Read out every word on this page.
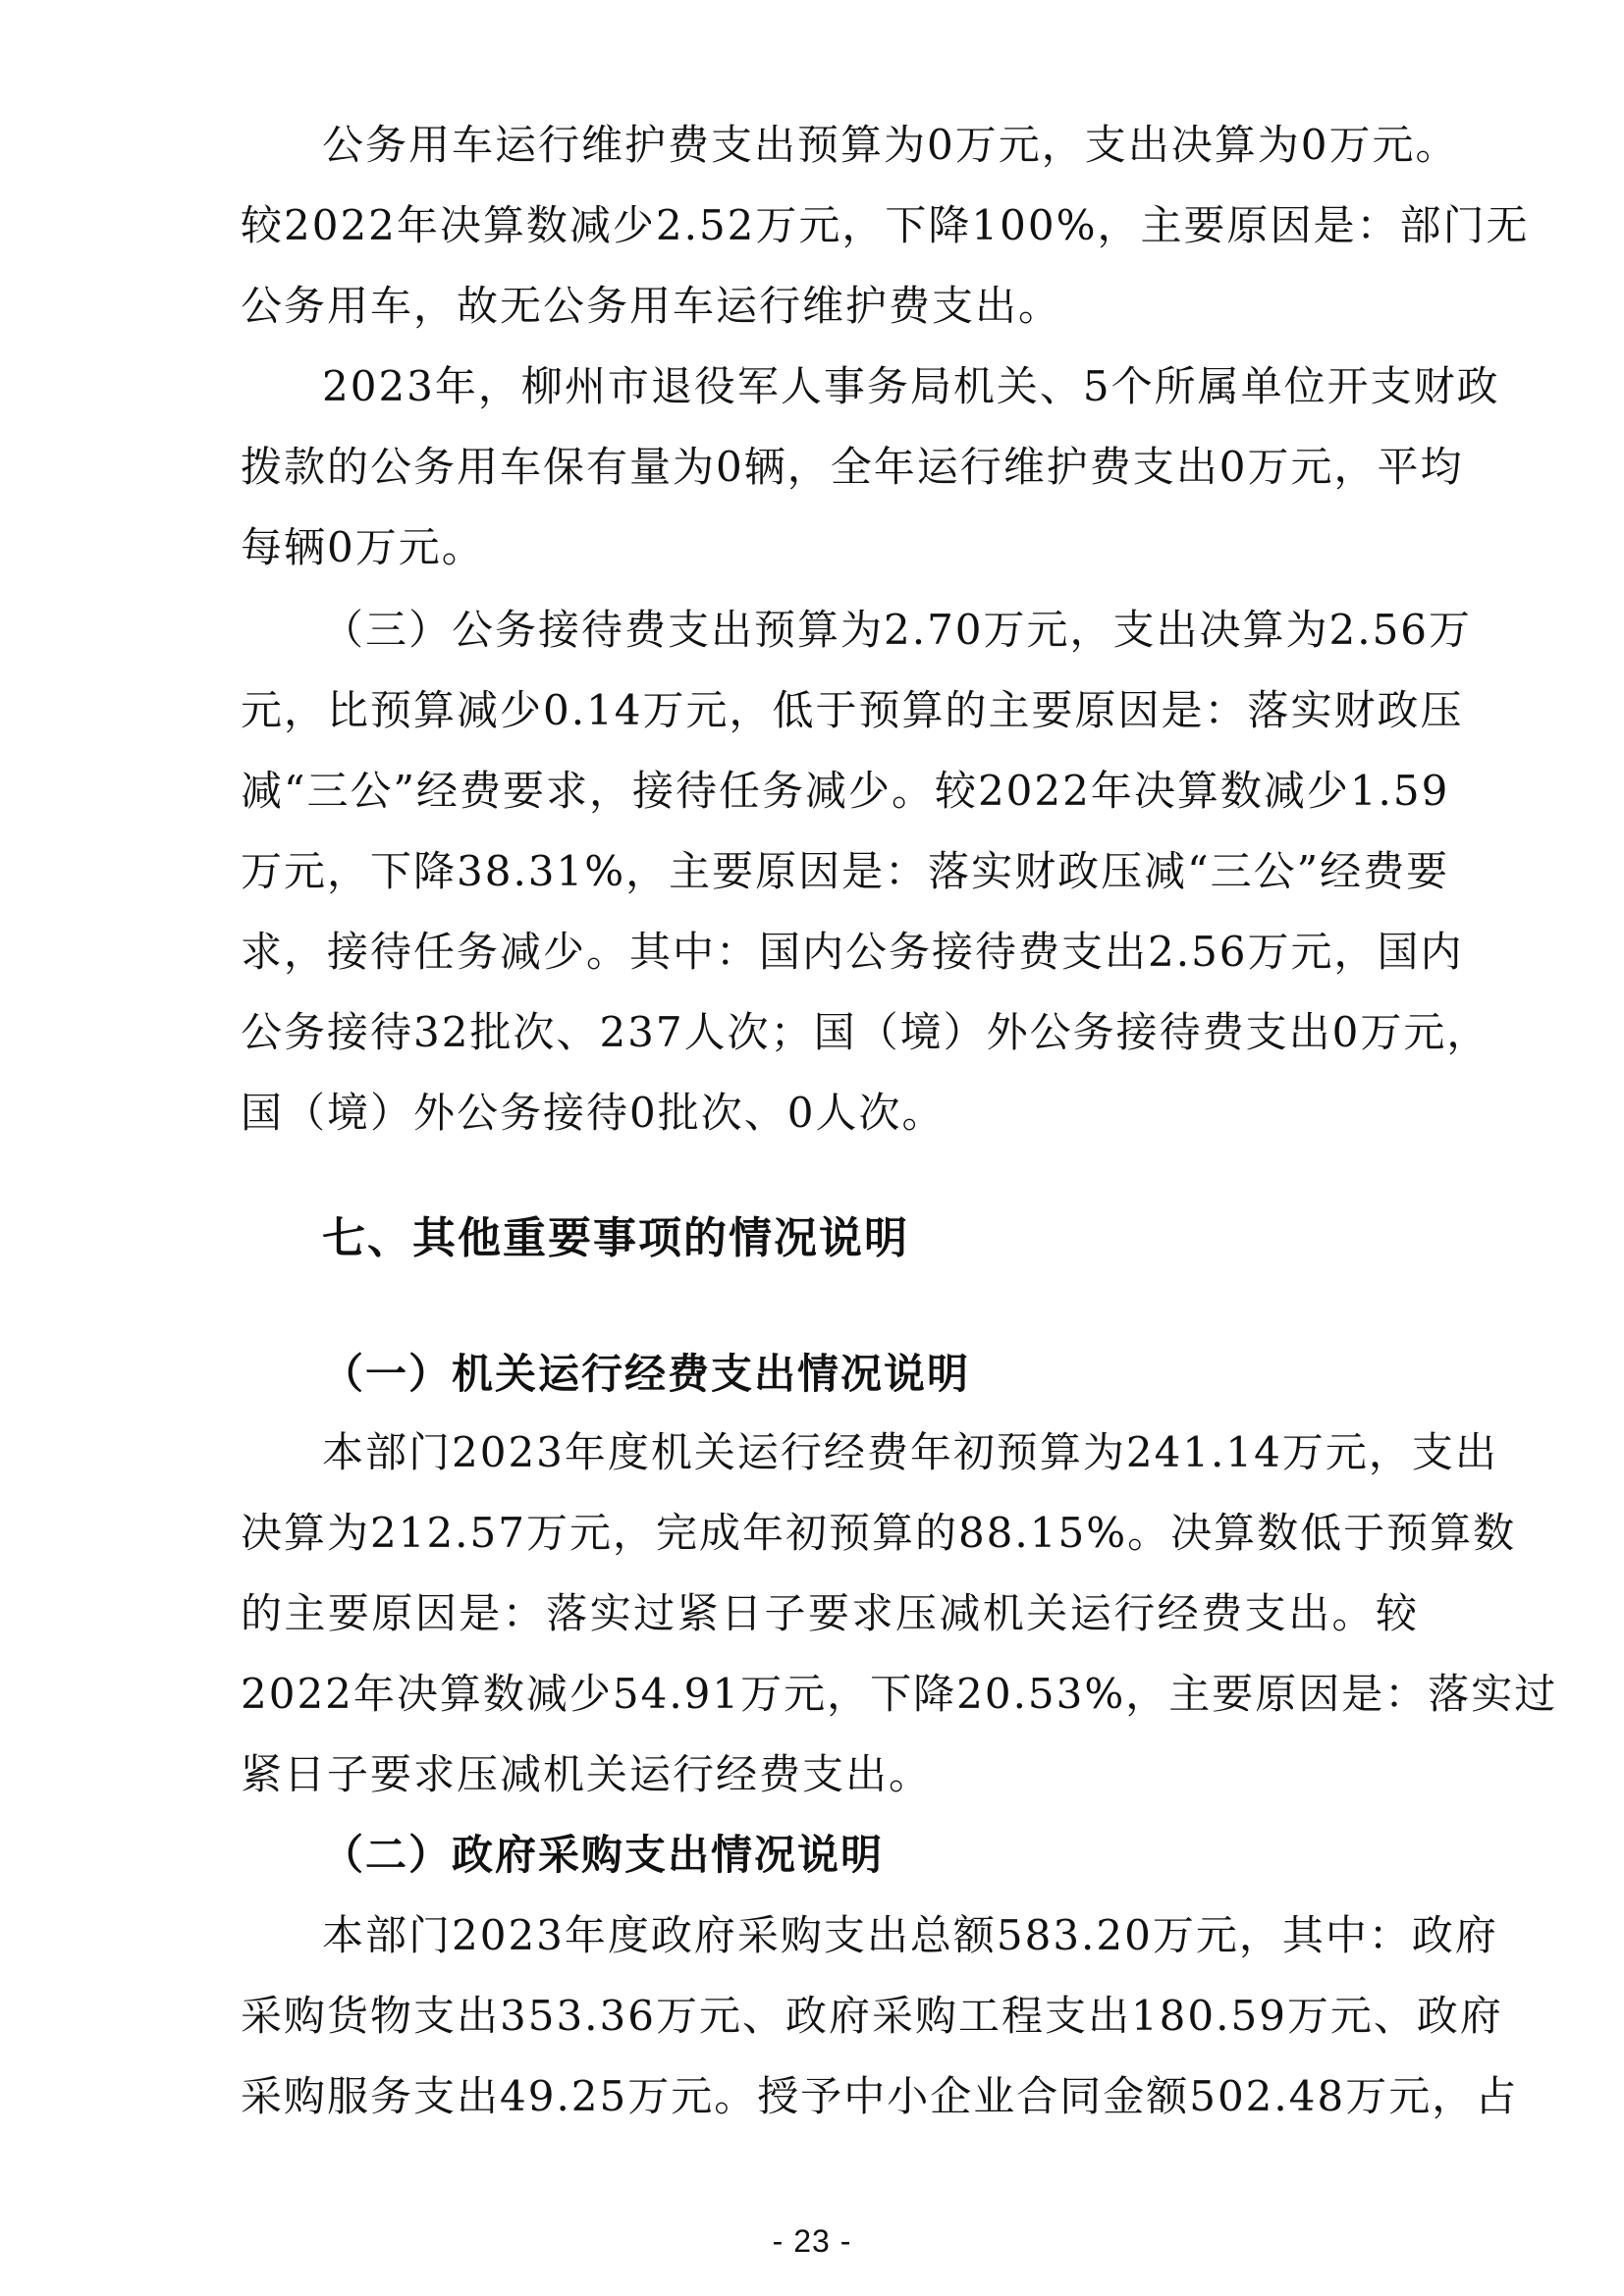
公务用车运行维护费支出预算为0万元，支出决算为0万元。
较2022年决算数减少2.52万元，下降100%，主要原因是：部门无
公务用车，故无公务用车运行维护费支出。
2023年，柳州市退役军人事务局机关、5个所属单位开支财政
拨款的公务用车保有量为0辆，全年运行维护费支出0万元，平均
每辆0万元。
（三）公务接待费支出预算为2.70万元，支出决算为2.56万
元，比预算减少0.14万元，低于预算的主要原因是：落实财政压
减“三公”经费要求，接待任务减少。较2022年决算数减少1.59
万元，下降38.31%，主要原因是：落实财政压减“三公”经费要
求，接待任务减少。其中：国内公务接待费支出2.56万元，国内
公务接待32批次、237人次；国（境）外公务接待费支出0万元，
国（境）外公务接待0批次、0人次。
七、其他重要事项的情况说明
（一）机关运行经费支出情况说明
本部门2023年度机关运行经费年初预算为241.14万元，支出
决算为212.57万元，完成年初预算的88.15%。决算数低于预算数
的主要原因是：落实过紧日子要求压减机关运行经费支出。较
2022年决算数减少54.91万元，下降20.53%，主要原因是：落实过
紧日子要求压减机关运行经费支出。
（二）政府采购支出情况说明
本部门2023年度政府采购支出总额583.20万元，其中：政府
采购货物支出353.36万元、政府采购工程支出180.59万元、政府
采购服务支出49.25万元。授予中小企业合同金额502.48万元，占
- 23 -
